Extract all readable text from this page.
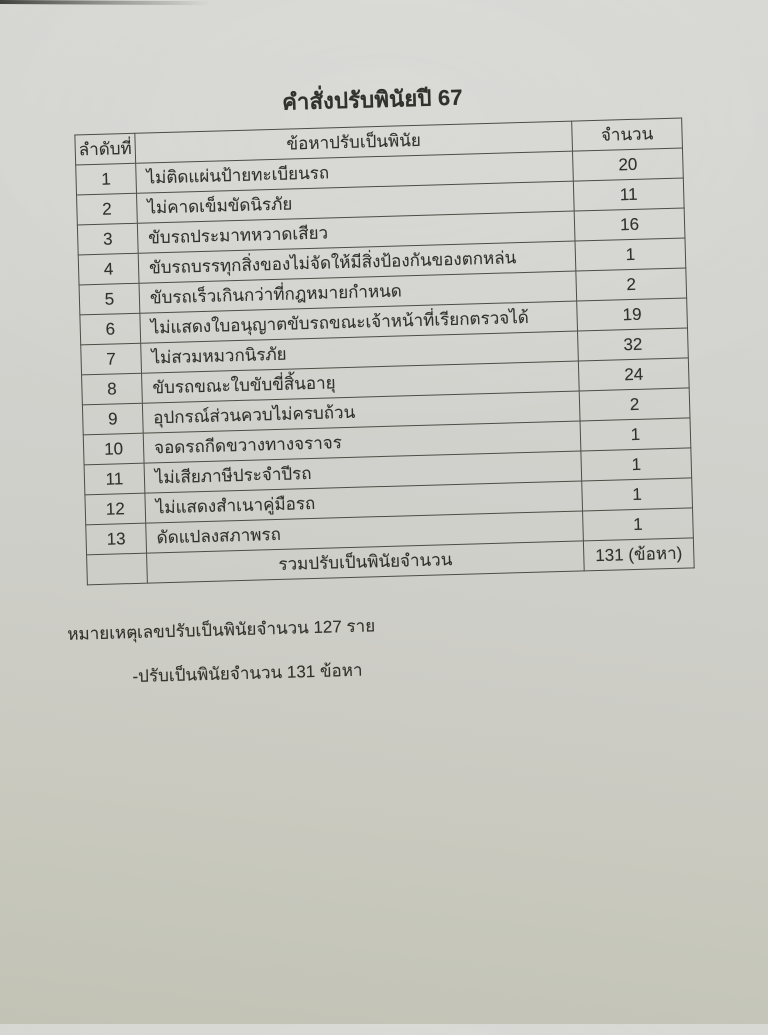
คำสั่งปรับพินัยปี 67
ลำดับที่	ข้อหาปรับเป็นพินัย	จำนวน
1	ไม่ติดแผ่นป้ายทะเบียนรถ	20
2	ไม่คาดเข็มขัดนิรภัย	11
3	ขับรถประมาทหวาดเสียว	16
4	ขับรถบรรทุกสิ่งของไม่จัดให้มีสิ่งป้องกันของตกหล่น	1
5	ขับรถเร็วเกินกว่าที่กฎหมายกำหนด	2
6	ไม่แสดงใบอนุญาตขับรถขณะเจ้าหน้าที่เรียกตรวจได้	19
7	ไม่สวมหมวกนิรภัย	32
8	ขับรถขณะใบขับขี่สิ้นอายุ	24
9	อุปกรณ์ส่วนควบไม่ครบถ้วน	2
10	จอดรถกีดขวางทางจราจร	1
11	ไม่เสียภาษีประจำปีรถ	1
12	ไม่แสดงสำเนาคู่มือรถ	1
13	ดัดแปลงสภาพรถ	1
	รวมปรับเป็นพินัยจำนวน	131 (ข้อหา)
หมายเหตุ
-เลขปรับเป็นพินัยจำนวน 127 ราย
-ปรับเป็นพินัยจำนวน 131 ข้อหา
